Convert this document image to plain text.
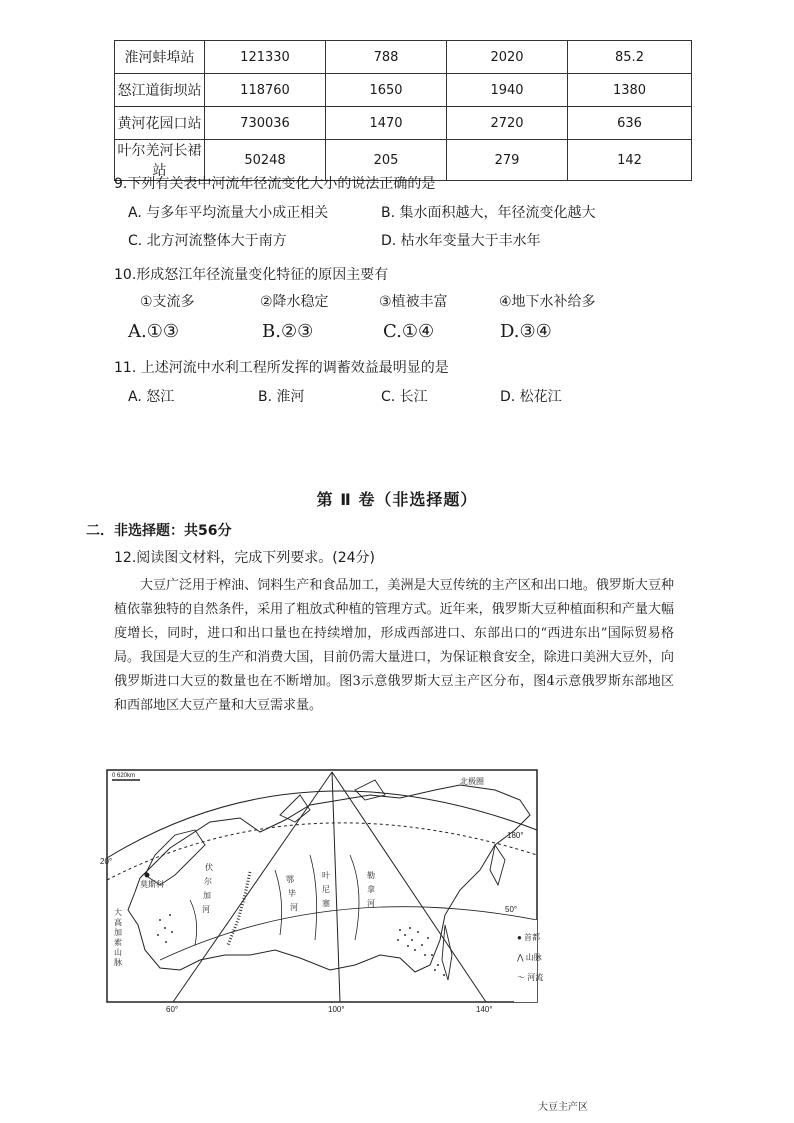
淮河蚌埠站	121330	788	2020	85.2
怒江道街坝站	118760	1650	1940	1380
黄河花园口站	730036	1470	2720	636
叶尔羌河长裙站	50248	205	279	142
9.下列有关表中河流年径流变化大小的说法正确的是
A. 与多年平均流量大小成正相关	B. 集水面积越大，年径流变化越大
C. 北方河流整体大于南方	D. 枯水年变量大于丰水年
10.形成怒江年径流量变化特征的原因主要有
①支流多	②降水稳定	③植被丰富	④地下水补给多
A.①③	B.②③	C.①④	D.③④
11. 上述河流中水利工程所发挥的调蓄效益最明显的是
A. 怒江	B. 淮河	C. 长江	D. 松花江
第 Ⅱ 卷（非选择题）
二．非选择题：共56分
12.阅读图文材料，完成下列要求。(24分)
大豆广泛用于榨油、饲料生产和食品加工，美洲是大豆传统的主产区和出口地。俄罗斯大豆种植依靠独特的自然条件，采用了粗放式种植的管理方式。近年来，俄罗斯大豆种植面积和产量大幅度增长，同时，进口和出口量也在持续增加，形成西部进口、东部出口的“西进东出”国际贸易格局。我国是大豆的生产和消费大国，目前仍需大量进口，为保证粮食安全，除进口美洲大豆外，向俄罗斯进口大豆的数量也在不断增加。图3示意俄罗斯大豆主产区分布，图4示意俄罗斯东部地区和西部地区大豆产量和大豆需求量。
0 620km
莫斯科
伏
尔
加
河
鄂
毕
河
叶
尼
塞
勒
拿
河
大
高
加
索
山
脉
北极圈
20°
50°
180°
60°	100°	140°
● 首都
⋀ 山脉
〜 河流
大豆主产区
